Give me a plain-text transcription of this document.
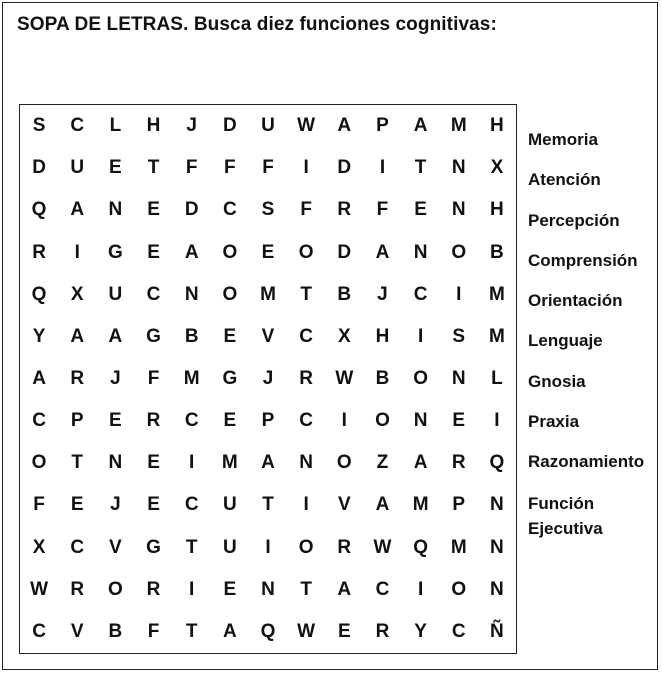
SOPA DE LETRAS. Busca diez funciones cognitivas:
S	C	L	H	J	D	U	W	A	P	A	M	H
D	U	E	T	F	F	F	I	D	I	T	N	X
Q	A	N	E	D	C	S	F	R	F	E	N	H
R	I	G	E	A	O	E	O	D	A	N	O	B
Q	X	U	C	N	O	M	T	B	J	C	I	M
Y	A	A	G	B	E	V	C	X	H	I	S	M
A	R	J	F	M	G	J	R	W	B	O	N	L
C	P	E	R	C	E	P	C	I	O	N	E	I
O	T	N	E	I	M	A	N	O	Z	A	R	Q
F	E	J	E	C	U	T	I	V	A	M	P	N
X	C	V	G	T	U	I	O	R	W	Q	M	N
W	R	O	R	I	E	N	T	A	C	I	O	N
C	V	B	F	T	A	Q	W	E	R	Y	C	Ñ
Memoria
Atención
Percepción
Comprensión
Orientación
Lenguaje
Gnosia
Praxia
Razonamiento
Función Ejecutiva
